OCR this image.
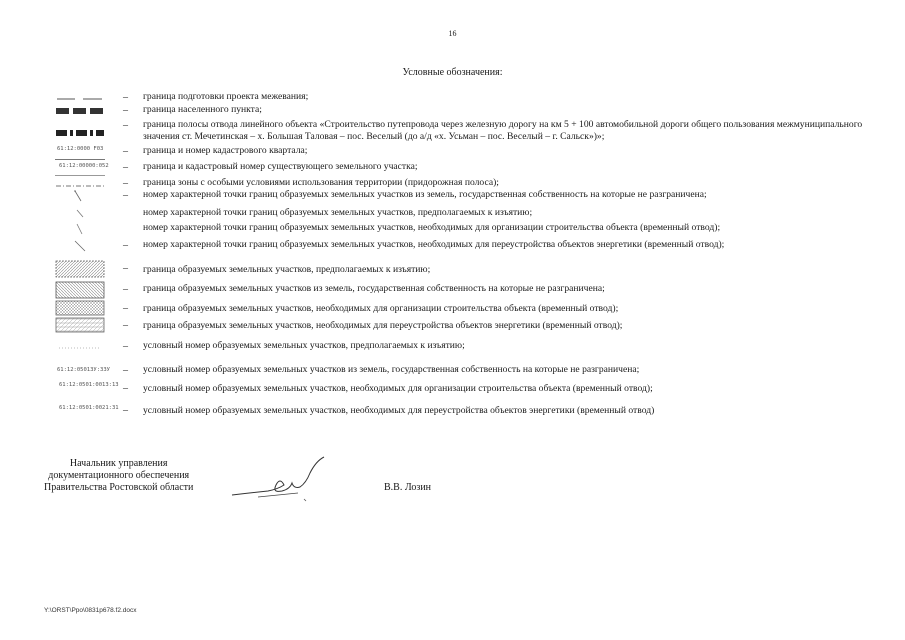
16
Условные обозначения:
– граница подготовки проекта межевания;
– граница населенного пункта;
– граница полосы отвода линейного объекта «Строительство путепровода через железную дорогу на км 5 + 100 автомобильной дороги общего пользования межмуниципального значения ст. Мечетинская – х. Большая Таловая – пос. Веселый (до а/д «х. Усьман – пос. Веселый – г. Сальск»)»;
61:12:0000 F03 – граница и номер кадастрового квартала;
61:12:00000:052 – граница и кадастровый номер существующего земельного участка;
– граница зоны с особыми условиями использования территории (придорожная полоса);
– номер характерной точки границ образуемых земельных участков из земель, государственная собственность на которые не разграничена;
номер характерной точки границ образуемых земельных участков, предполагаемых к изъятию;
номер характерной точки границ образуемых земельных участков, необходимых для организации строительства объекта (временный отвод);
– номер характерной точки границ образуемых земельных участков, необходимых для переустройства объектов энергетики (временный отвод);
– граница образуемых земельных участков, предполагаемых к изъятию;
– граница образуемых земельных участков из земель, государственная собственность на которые не разграничена;
– граница образуемых земельных участков, необходимых для организации строительства объекта (временный отвод);
– граница образуемых земельных участков, необходимых для переустройства объектов энергетики (временный отвод);
– условный номер образуемых земельных участков, предполагаемых к изъятию;
61:12:0501ЗУ:3ЗУ – условный номер образуемых земельных участков из земель, государственная собственность на которые не разграничена;
61:12:0501:0013:13 – условный номер образуемых земельных участков, необходимых для организации строительства объекта (временный отвод);
61:12:0501:0021:31 – условный номер образуемых земельных участков, необходимых для переустройства объектов энергетики (временный отвод)
Начальник управления
документационного обеспечения
Правительства Ростовской области	В.В. Лозин
Y:\ORST\Ppo\0831p678.f2.docx
